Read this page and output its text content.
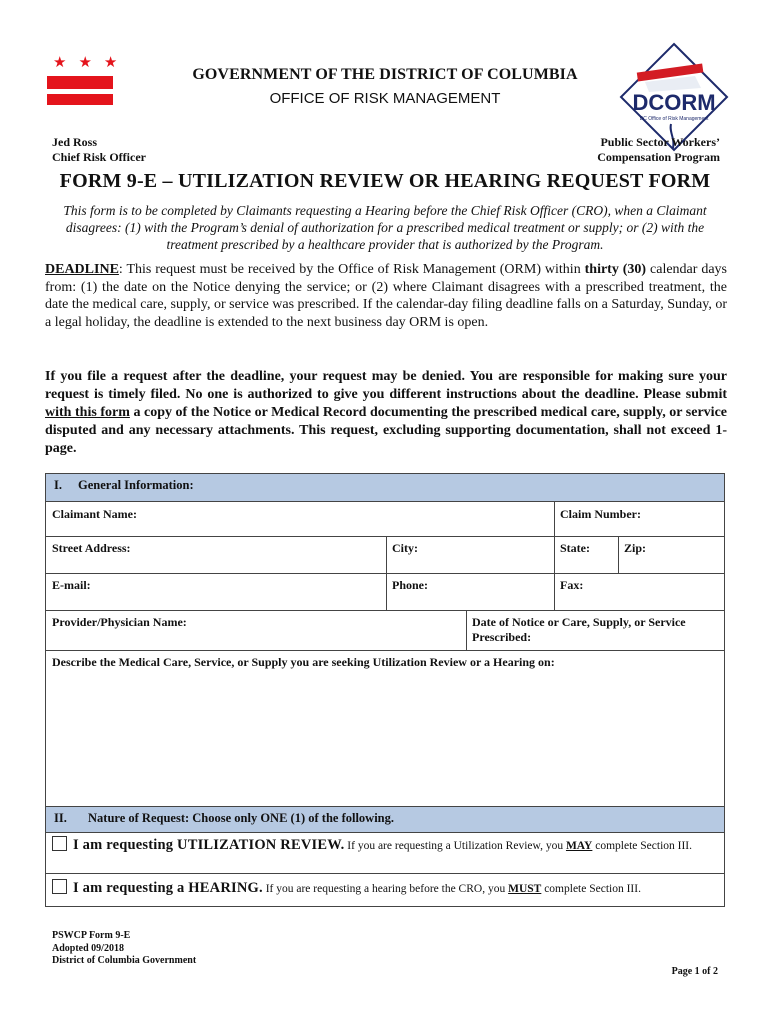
★ ★ ★
GOVERNMENT OF THE DISTRICT OF COLUMBIA
OFFICE OF RISK MANAGEMENT	DCORM
DC Office of Risk Management
Jed Ross
Chief Risk Officer
Public Sector Workers’
Compensation Program
FORM 9-E – UTILIZATION REVIEW OR HEARING REQUEST FORM
This form is to be completed by Claimants requesting a Hearing before the Chief Risk Officer (CRO), when a Claimant disagrees: (1) with the Program’s denial of authorization for a prescribed medical treatment or supply; or (2) with the treatment prescribed by a healthcare provider that is authorized by the Program.
DEADLINE: This request must be received by the Office of Risk Management (ORM) within thirty (30) calendar days from: (1) the date on the Notice denying the service; or (2) where Claimant disagrees with a prescribed treatment, the date the medical care, supply, or service was prescribed. If the calendar-day filing deadline falls on a Saturday, Sunday, or a legal holiday, the deadline is extended to the next business day ORM is open.
If you file a request after the deadline, your request may be denied. You are responsible for making sure your request is timely filed. No one is authorized to give you different instructions about the deadline. Please submit with this form a copy of the Notice or Medical Record documenting the prescribed medical care, supply, or service disputed and any necessary attachments. This request, excluding supporting documentation, shall not exceed 1- page.
I. General Information:
Claimant Name:	Claim Number:
Street Address:	City:	State:	Zip:
E-mail:	Phone:	Fax:
Provider/Physician Name:	Date of Notice or Care, Supply, or Service Prescribed:
Describe the Medical Care, Service, or Supply you are seeking Utilization Review or a Hearing on:
II. Nature of Request: Choose only ONE (1) of the following.
I am requesting UTILIZATION REVIEW. If you are requesting a Utilization Review, you MAY complete Section III.
I am requesting a HEARING. If you are requesting a hearing before the CRO, you MUST complete Section III.
PSWCP Form 9-E
Adopted 09/2018
District of Columbia Government
Page 1 of 2
